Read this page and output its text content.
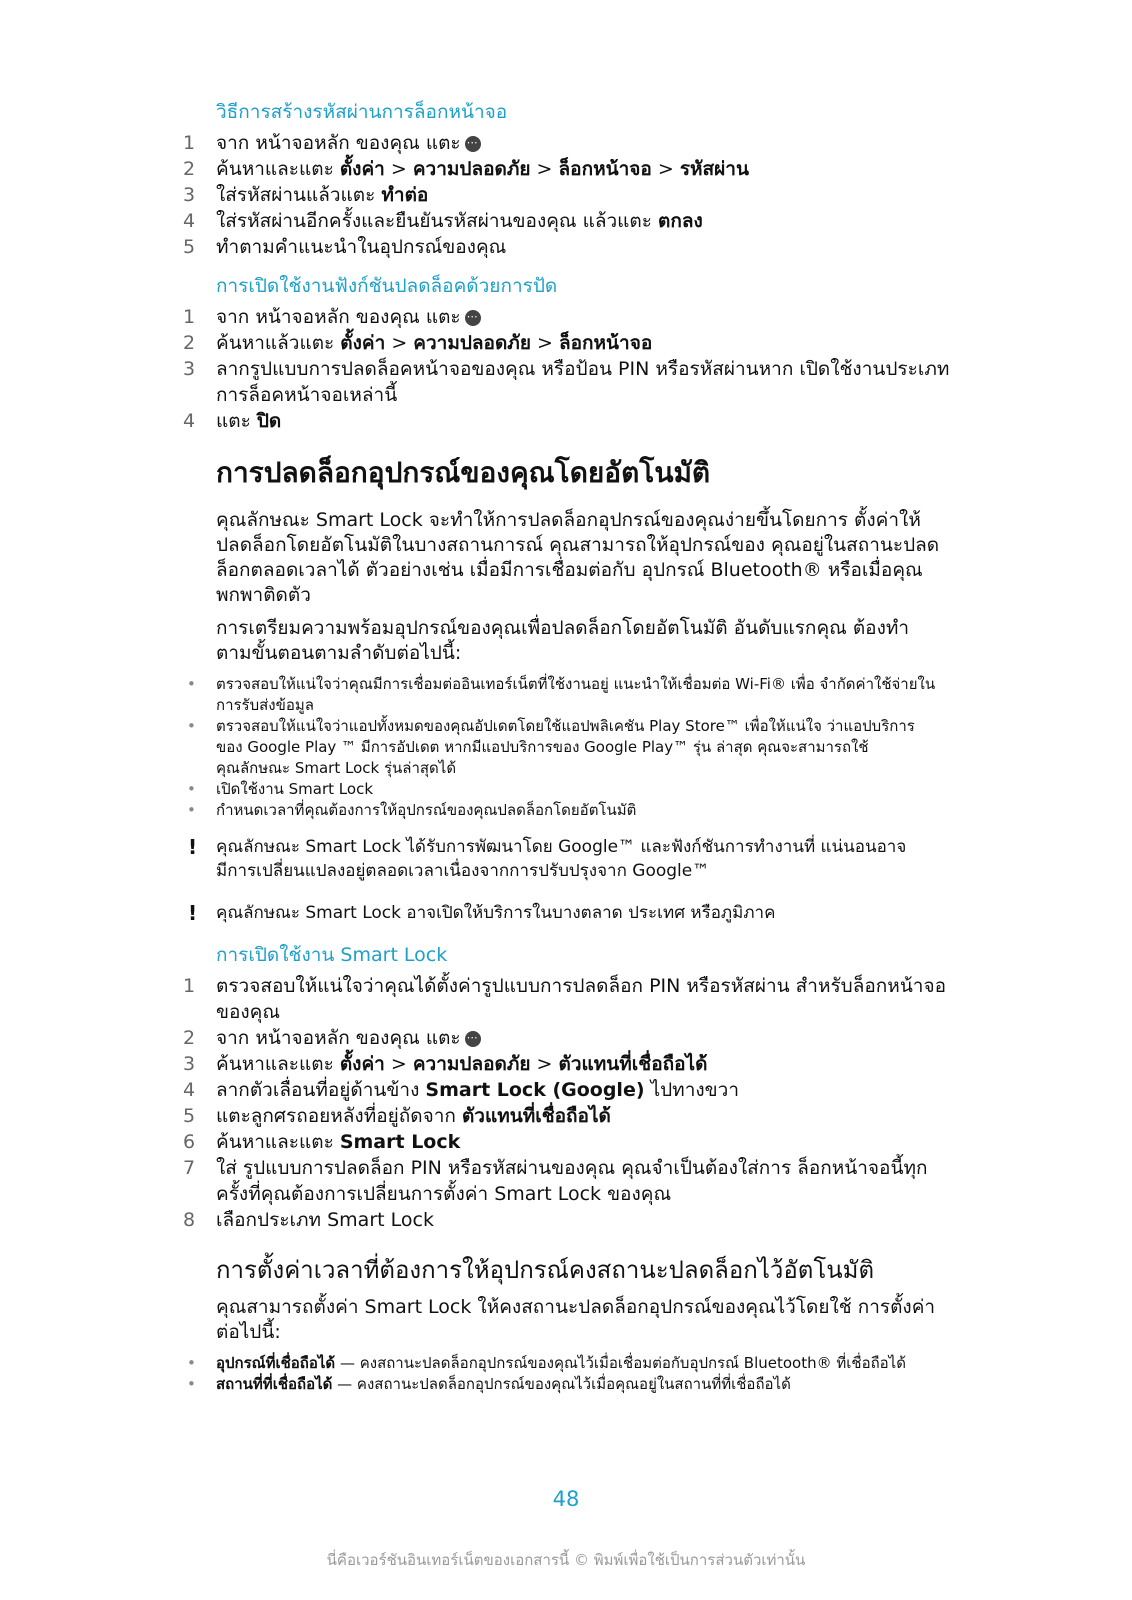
วิธีการสร้างรหัสผ่านการล็อกหน้าจอ
1 จาก หน้าจอหลัก ของคุณ แตะ⋯
2 ค้นหาและแตะ ตั้งค่า > ความปลอดภัย > ล็อกหน้าจอ > รหัสผ่าน
3 ใส่รหัสผ่านแล้วแตะ ทำต่อ
4 ใส่รหัสผ่านอีกครั้งและยืนยันรหัสผ่านของคุณ แล้วแตะ ตกลง
5 ทำตามคำแนะนำในอุปกรณ์ของคุณ
การเปิดใช้งานฟังก์ชันปลดล็อคด้วยการปัด
1 จาก หน้าจอหลัก ของคุณ แตะ⋯
2 ค้นหาแล้วแตะ ตั้งค่า > ความปลอดภัย > ล็อกหน้าจอ
3 ลากรูปแบบการปลดล็อคหน้าจอของคุณ หรือป้อน PIN หรือรหัสผ่านหาก เปิดใช้งานประเภทการล็อคหน้าจอเหล่านี้
4 แตะ ปิด
การปลดล็อกอุปกรณ์ของคุณโดยอัตโนมัติ

คุณลักษณะ Smart Lock จะทำให้การปลดล็อกอุปกรณ์ของคุณง่ายขึ้นโดยการ ตั้งค่าให้ปลดล็อกโดยอัตโนมัติในบางสถานการณ์ คุณสามารถให้อุปกรณ์ของ คุณอยู่ในสถานะปลดล็อกตลอดเวลาได้ ตัวอย่างเช่น เมื่อมีการเชื่อมต่อกับ อุปกรณ์ Bluetooth® หรือเมื่อคุณพกพาติดตัว

การเตรียมความพร้อมอุปกรณ์ของคุณเพื่อปลดล็อกโดยอัตโนมัติ อันดับแรกคุณ ต้องทำตามขั้นตอนตามลำดับต่อไปนี้:

• ตรวจสอบให้แน่ใจว่าคุณมีการเชื่อมต่ออินเทอร์เน็ตที่ใช้งานอยู่ แนะนำให้เชื่อมต่อ Wi-Fi® เพื่อ จำกัดค่าใช้จ่ายในการรับส่งข้อมูล
• ตรวจสอบให้แน่ใจว่าแอปทั้งหมดของคุณอัปเดตโดยใช้แอปพลิเคชัน Play Store™ เพื่อให้แน่ใจ ว่าแอปบริการของ Google Play ™ มีการอัปเดต หากมีแอปบริการของ Google Play™ รุ่น ล่าสุด คุณจะสามารถใช้คุณลักษณะ Smart Lock รุ่นล่าสุดได้
• เปิดใช้งาน Smart Lock
• กำหนดเวลาที่คุณต้องการให้อุปกรณ์ของคุณปลดล็อกโดยอัตโนมัติ
! คุณลักษณะ Smart Lock ได้รับการพัฒนาโดย Google™ และฟังก์ชันการทำงานที่ แน่นอนอาจมีการเปลี่ยนแปลงอยู่ตลอดเวลาเนื่องจากการปรับปรุงจาก Google™
! คุณลักษณะ Smart Lock อาจเปิดให้บริการในบางตลาด ประเทศ หรือภูมิภาค
การเปิดใช้งาน Smart Lock
1 ตรวจสอบให้แน่ใจว่าคุณได้ตั้งค่ารูปแบบการปลดล็อก PIN หรือรหัสผ่าน สำหรับล็อกหน้าจอของคุณ
2 จาก หน้าจอหลัก ของคุณ แตะ⋯
3 ค้นหาและแตะ ตั้งค่า > ความปลอดภัย > ตัวแทนที่เชื่อถือได้
4 ลากตัวเลื่อนที่อยู่ด้านข้าง Smart Lock (Google) ไปทางขวา
5 แตะลูกศรถอยหลังที่อยู่ถัดจาก ตัวแทนที่เชื่อถือได้
6 ค้นหาและแตะ Smart Lock
7 ใส่ รูปแบบการปลดล็อก PIN หรือรหัสผ่านของคุณ คุณจำเป็นต้องใส่การ ล็อกหน้าจอนี้ทุกครั้งที่คุณต้องการเปลี่ยนการตั้งค่า Smart Lock ของคุณ
8 เลือกประเภท Smart Lock
การตั้งค่าเวลาที่ต้องการให้อุปกรณ์คงสถานะปลดล็อกไว้อัตโนมัติ

คุณสามารถตั้งค่า Smart Lock ให้คงสถานะปลดล็อกอุปกรณ์ของคุณไว้โดยใช้ การตั้งค่าต่อไปนี้:

• อุปกรณ์ที่เชื่อถือได้ — คงสถานะปลดล็อกอุปกรณ์ของคุณไว้เมื่อเชื่อมต่อกับอุปกรณ์ Bluetooth® ที่เชื่อถือได้
• สถานที่ที่เชื่อถือได้ — คงสถานะปลดล็อกอุปกรณ์ของคุณไว้เมื่อคุณอยู่ในสถานที่ที่เชื่อถือได้
48
นี่คือเวอร์ชันอินเทอร์เน็ตของเอกสารนี้ © พิมพ์เพื่อใช้เป็นการส่วนตัวเท่านั้น
